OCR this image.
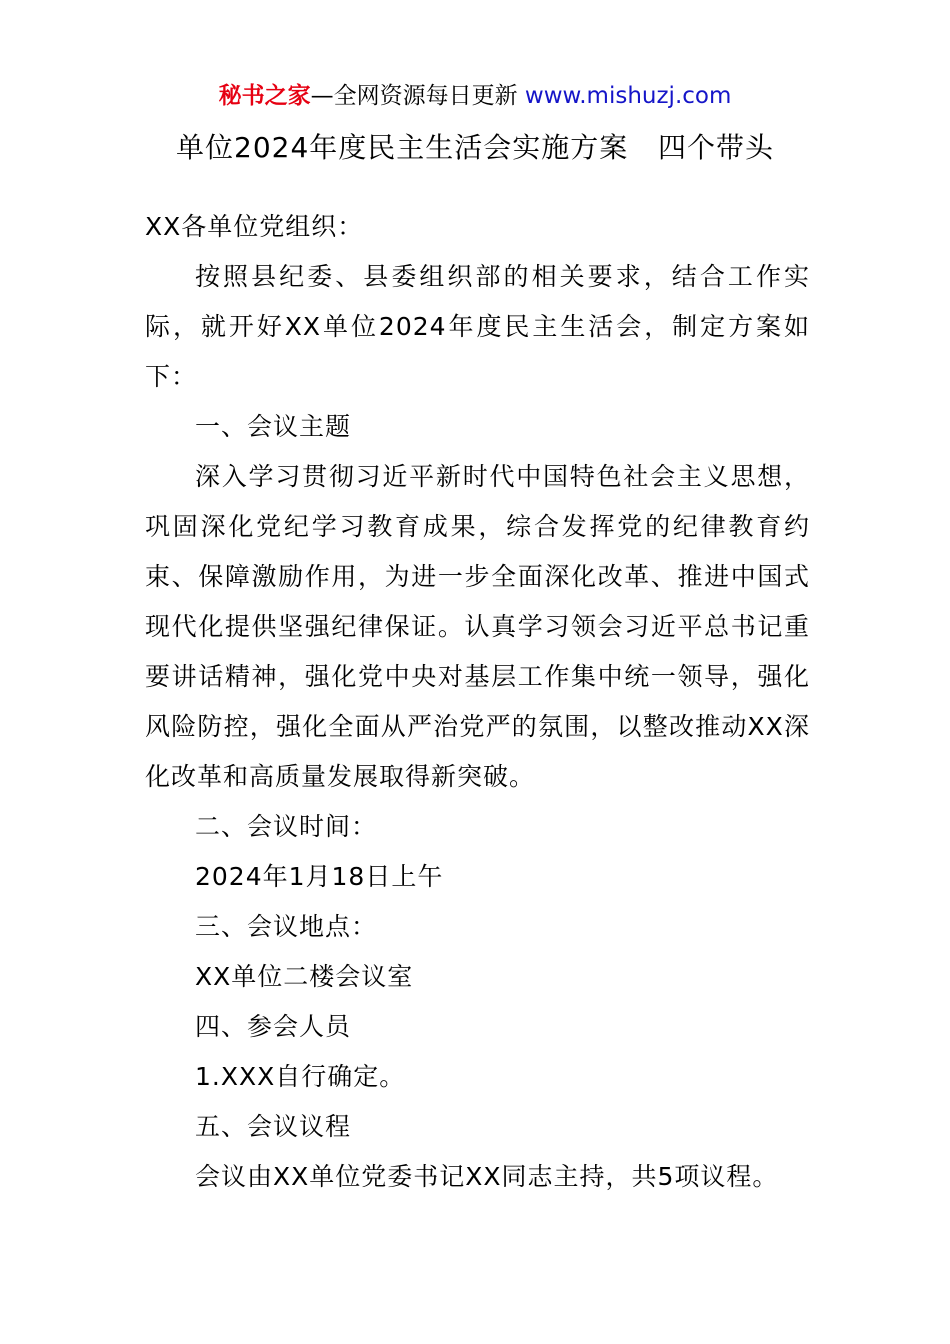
秘书之家—全网资源每日更新 www.mishuzj.com
单位2024年度民主生活会实施方案   四个带头

XX各单位党组织：

按照县纪委、县委组织部的相关要求，结合工作实际，就开好XX单位2024年度民主生活会，制定方案如下：

一、会议主题

深入学习贯彻习近平新时代中国特色社会主义思想，巩固深化党纪学习教育成果，综合发挥党的纪律教育约束、保障激励作用，为进一步全面深化改革、推进中国式现代化提供坚强纪律保证。认真学习领会习近平总书记重要讲话精神，强化党中央对基层工作集中统一领导，强化风险防控，强化全面从严治党严的氛围，以整改推动XX深化改革和高质量发展取得新突破。

二、会议时间：

2024年1月18日上午

三、会议地点：

XX单位二楼会议室

四、参会人员

1.XXX自行确定。

五、会议议程

会议由XX单位党委书记XX同志主持，共5项议程。
